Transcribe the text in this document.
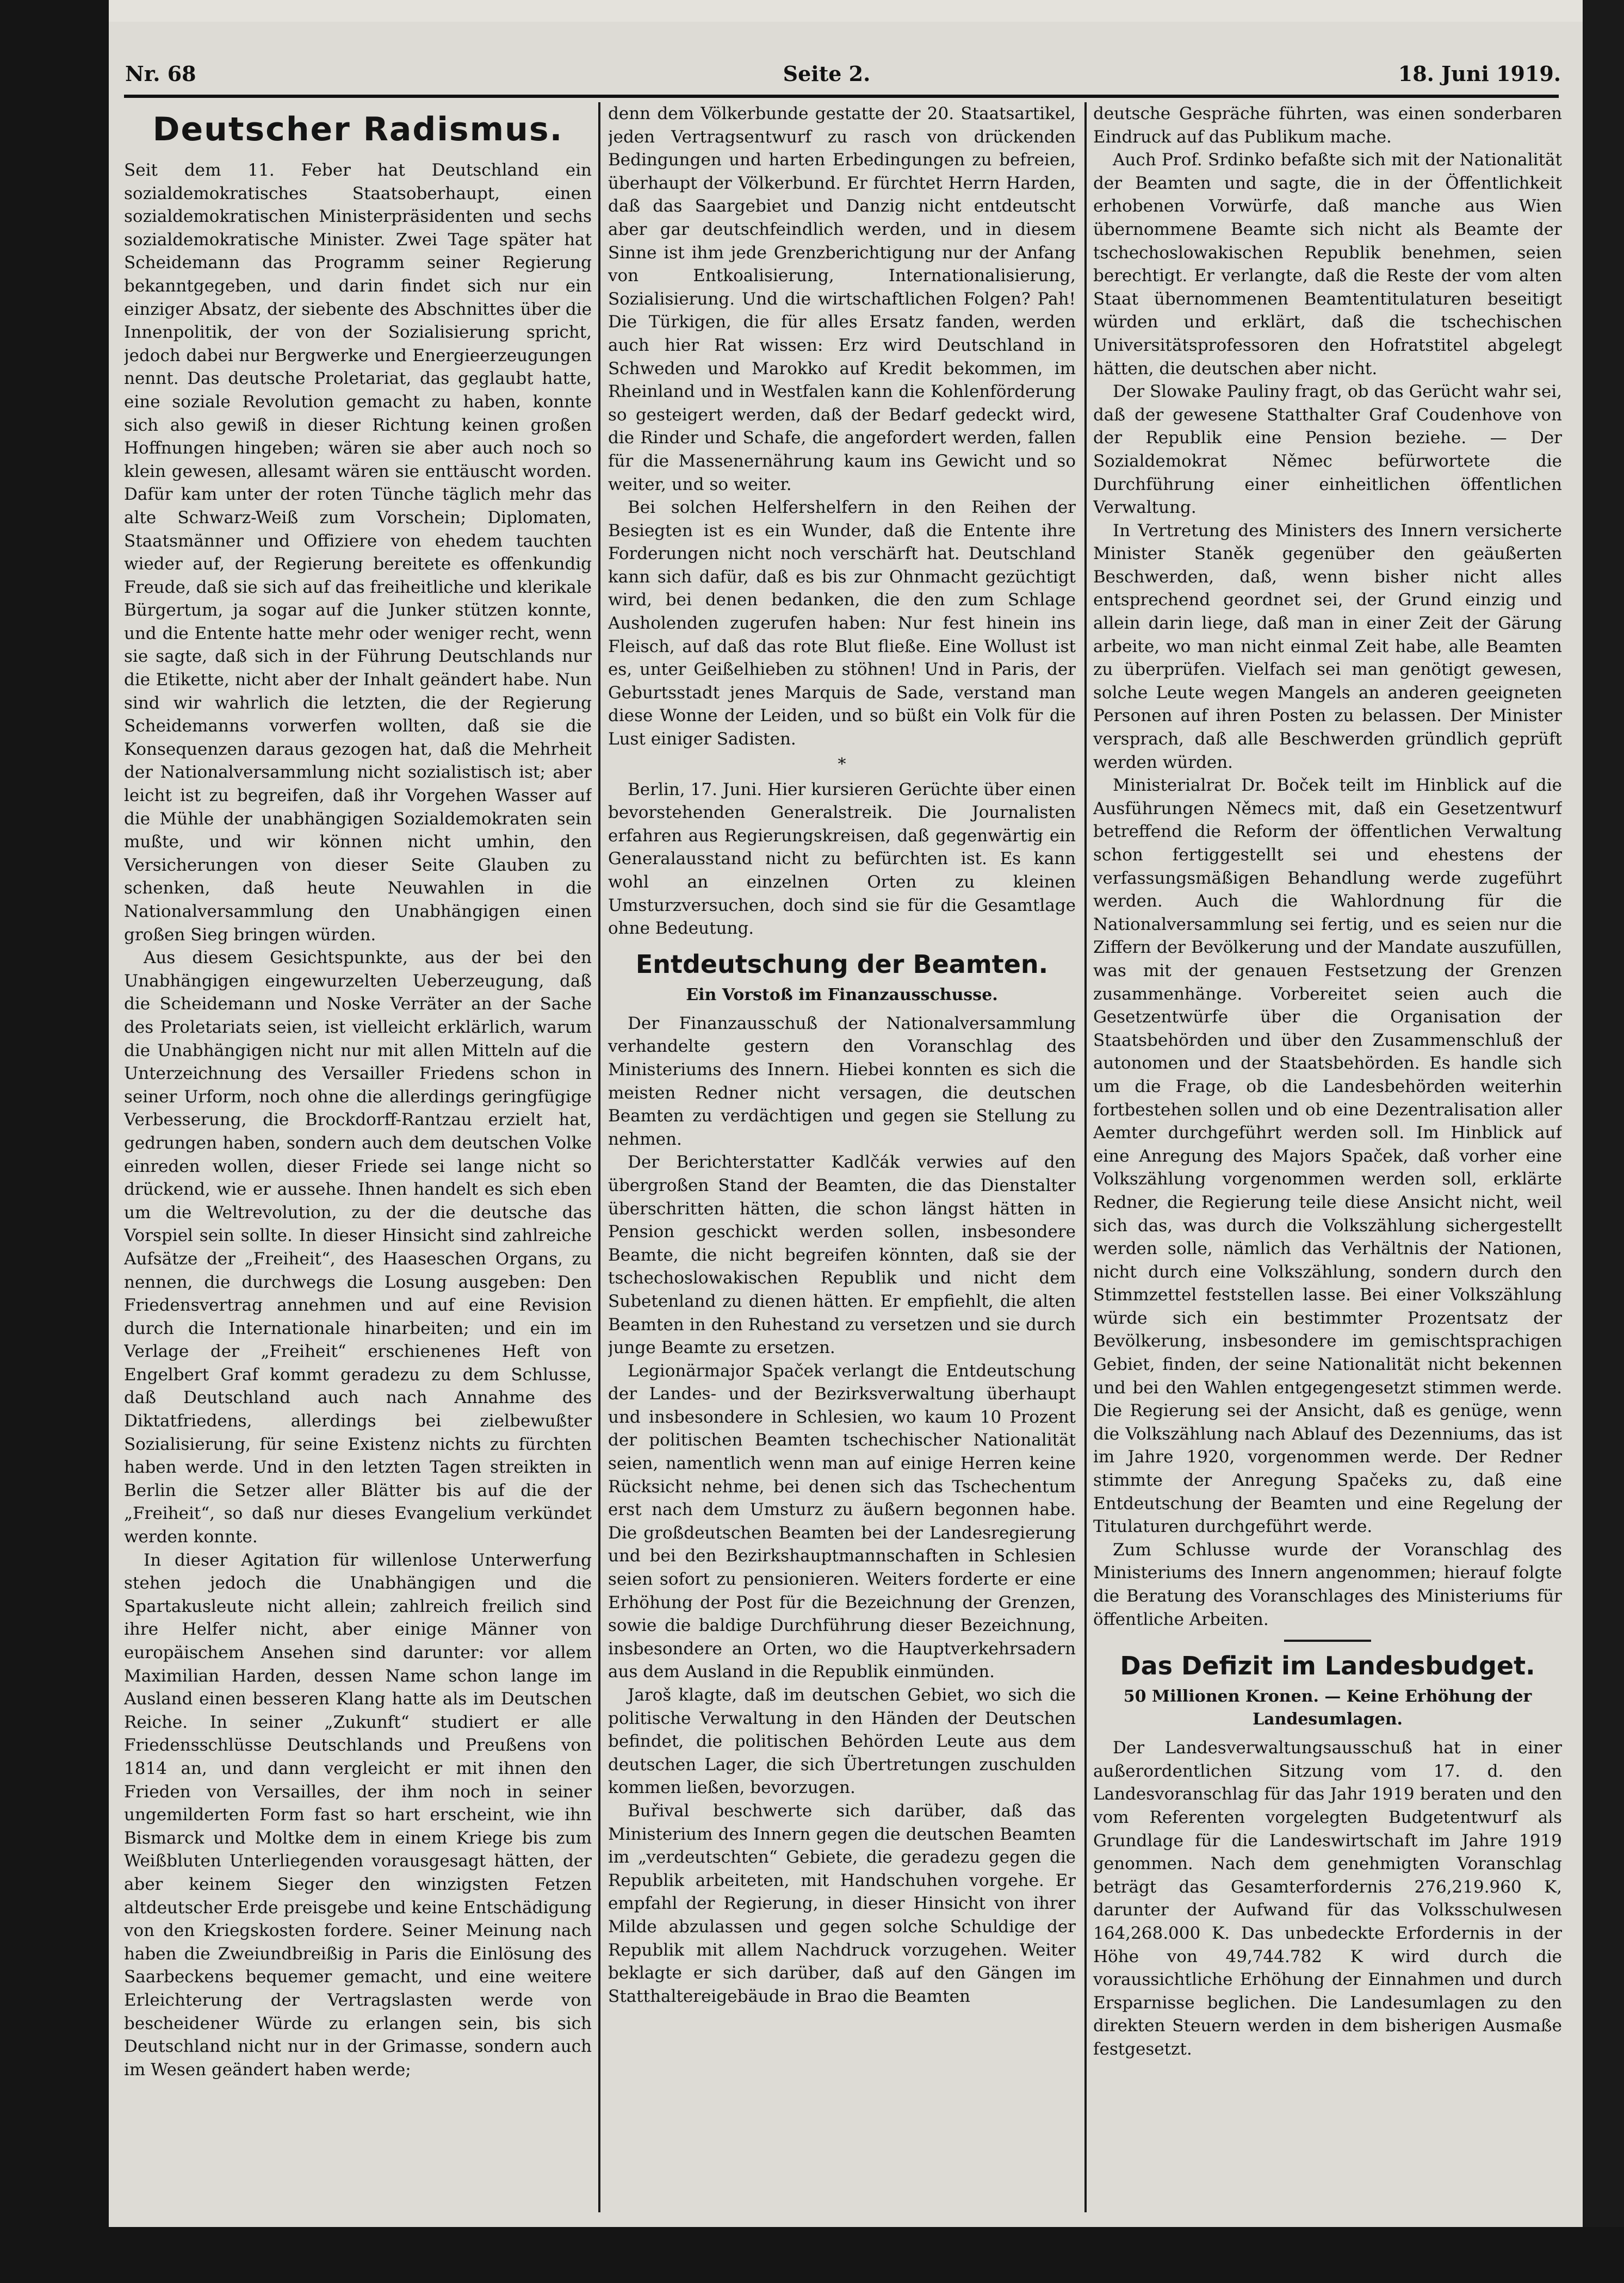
Nr. 68	Seite 2.	18. Juni 1919.
Deutscher Radismus.

Seit dem 11. Feber hat Deutschland ein sozialdemokratisches Staatsoberhaupt, einen sozialdemokratischen Ministerpräsidenten und sechs sozialdemokratische Minister. Zwei Tage später hat Scheidemann das Programm seiner Regierung bekanntgegeben, und darin findet sich nur ein einziger Absatz, der siebente des Abschnittes über die Innenpolitik, der von der Sozialisierung spricht, jedoch dabei nur Bergwerke und Energieerzeugungen nennt. Das deutsche Proletariat, das geglaubt hatte, eine soziale Revolution gemacht zu haben, konnte sich also gewiß in dieser Richtung keinen großen Hoffnungen hingeben; wären sie aber auch noch so klein gewesen, allesamt wären sie enttäuscht worden. Dafür kam unter der roten Tünche täglich mehr das alte Schwarz-Weiß zum Vorschein; Diplomaten, Staatsmänner und Offiziere von ehedem tauchten wieder auf, der Regierung bereitete es offenkundig Freude, daß sie sich auf das freiheitliche und klerikale Bürgertum, ja sogar auf die Junker stützen konnte, und die Entente hatte mehr oder weniger recht, wenn sie sagte, daß sich in der Führung Deutschlands nur die Etikette, nicht aber der Inhalt geändert habe. Nun sind wir wahrlich die letzten, die der Regierung Scheidemanns vorwerfen wollten, daß sie die Konsequenzen daraus gezogen hat, daß die Mehrheit der Nationalversammlung nicht sozialistisch ist; aber leicht ist zu begreifen, daß ihr Vorgehen Wasser auf die Mühle der unabhängigen Sozialdemokraten sein mußte, und wir können nicht umhin, den Versicherungen von dieser Seite Glauben zu schenken, daß heute Neuwahlen in die Nationalversammlung den Unabhängigen einen großen Sieg bringen würden.

Aus diesem Gesichtspunkte, aus der bei den Unabhängigen eingewurzelten Ueberzeugung, daß die Scheidemann und Noske Verräter an der Sache des Proletariats seien, ist vielleicht erklärlich, warum die Unabhängigen nicht nur mit allen Mitteln auf die Unterzeichnung des Versailler Friedens schon in seiner Urform, noch ohne die allerdings geringfügige Verbesserung, die Brockdorff-Rantzau erzielt hat, gedrungen haben, sondern auch dem deutschen Volke einreden wollen, dieser Friede sei lange nicht so drückend, wie er aussehe. Ihnen handelt es sich eben um die Weltrevolution, zu der die deutsche das Vorspiel sein sollte. In dieser Hinsicht sind zahlreiche Aufsätze der „Freiheit“, des Haaseschen Organs, zu nennen, die durchwegs die Losung ausgeben: Den Friedensvertrag annehmen und auf eine Revision durch die Internationale hinarbeiten; und ein im Verlage der „Freiheit“ erschienenes Heft von Engelbert Graf kommt geradezu zu dem Schlusse, daß Deutschland auch nach Annahme des Diktatfriedens, allerdings bei zielbewußter Sozialisierung, für seine Existenz nichts zu fürchten haben werde. Und in den letzten Tagen streikten in Berlin die Setzer aller Blätter bis auf die der „Freiheit“, so daß nur dieses Evangelium verkündet werden konnte.

In dieser Agitation für willenlose Unterwerfung stehen jedoch die Unabhängigen und die Spartakusleute nicht allein; zahlreich freilich sind ihre Helfer nicht, aber einige Männer von europäischem Ansehen sind darunter: vor allem Maximilian Harden, dessen Name schon lange im Ausland einen besseren Klang hatte als im Deutschen Reiche. In seiner „Zukunft“ studiert er alle Friedensschlüsse Deutschlands und Preußens von 1814 an, und dann vergleicht er mit ihnen den Frieden von Versailles, der ihm noch in seiner ungemilderten Form fast so hart erscheint, wie ihn Bismarck und Moltke dem in einem Kriege bis zum Weißbluten Unterliegenden vorausgesagt hätten, der aber keinem Sieger den winzigsten Fetzen altdeutscher Erde preisgebe und keine Entschädigung von den Kriegskosten fordere. Seiner Meinung nach haben die Zweiundbreißig in Paris die Einlösung des Saarbeckens bequemer gemacht, und eine weitere Erleichterung der Vertragslasten werde von bescheidener Würde zu erlangen sein, bis sich Deutschland nicht nur in der Grimasse, sondern auch im Wesen geändert haben werde;

denn dem Völkerbunde gestatte der 20. Staatsartikel, jeden Vertragsentwurf zu rasch von drückenden Bedingungen und harten Erbedingungen zu befreien, überhaupt der Völkerbund. Er fürchtet Herrn Harden, daß das Saargebiet und Danzig nicht entdeutscht aber gar deutschfeindlich werden, und in diesem Sinne ist ihm jede Grenzberichtigung nur der Anfang von Entkoalisierung, Internationalisierung, Sozialisierung. Und die wirtschaftlichen Folgen? Pah! Die Türkigen, die für alles Ersatz fanden, werden auch hier Rat wissen: Erz wird Deutschland in Schweden und Marokko auf Kredit bekommen, im Rheinland und in Westfalen kann die Kohlenförderung so gesteigert werden, daß der Bedarf gedeckt wird, die Rinder und Schafe, die angefordert werden, fallen für die Massenernährung kaum ins Gewicht und so weiter, und so weiter.

Bei solchen Helfershelfern in den Reihen der Besiegten ist es ein Wunder, daß die Entente ihre Forderungen nicht noch verschärft hat. Deutschland kann sich dafür, daß es bis zur Ohnmacht gezüchtigt wird, bei denen bedanken, die den zum Schlage Ausholenden zugerufen haben: Nur fest hinein ins Fleisch, auf daß das rote Blut fließe. Eine Wollust ist es, unter Geißelhieben zu stöhnen! Und in Paris, der Geburtsstadt jenes Marquis de Sade, verstand man diese Wonne der Leiden, und so büßt ein Volk für die Lust einiger Sadisten.

*

Berlin, 17. Juni. Hier kursieren Gerüchte über einen bevorstehenden Generalstreik. Die Journalisten erfahren aus Regierungskreisen, daß gegenwärtig ein Generalausstand nicht zu befürchten ist. Es kann wohl an einzelnen Orten zu kleinen Umsturzversuchen, doch sind sie für die Gesamtlage ohne Bedeutung.

Entdeutschung der Beamten.
Ein Vorstoß im Finanzausschusse.

Der Finanzausschuß der Nationalversammlung verhandelte gestern den Voranschlag des Ministeriums des Innern. Hiebei konnten es sich die meisten Redner nicht versagen, die deutschen Beamten zu verdächtigen und gegen sie Stellung zu nehmen.

Der Berichterstatter Kadlčák verwies auf den übergroßen Stand der Beamten, die das Dienstalter überschritten hätten, die schon längst hätten in Pension geschickt werden sollen, insbesondere Beamte, die nicht begreifen könnten, daß sie der tschechoslowakischen Republik und nicht dem Subetenland zu dienen hätten. Er empfiehlt, die alten Beamten in den Ruhestand zu versetzen und sie durch junge Beamte zu ersetzen.

Legionärmajor Spaček verlangt die Entdeutschung der Landes- und der Bezirksverwaltung überhaupt und insbesondere in Schlesien, wo kaum 10 Prozent der politischen Beamten tschechischer Nationalität seien, namentlich wenn man auf einige Herren keine Rücksicht nehme, bei denen sich das Tschechentum erst nach dem Umsturz zu äußern begonnen habe. Die großdeutschen Beamten bei der Landesregierung und bei den Bezirkshauptmannschaften in Schlesien seien sofort zu pensionieren. Weiters forderte er eine Erhöhung der Post für die Bezeichnung der Grenzen, sowie die baldige Durchführung dieser Bezeichnung, insbesondere an Orten, wo die Hauptverkehrsadern aus dem Ausland in die Republik einmünden.

Jaroš klagte, daß im deutschen Gebiet, wo sich die politische Verwaltung in den Händen der Deutschen befindet, die politischen Behörden Leute aus dem deutschen Lager, die sich Übertretungen zuschulden kommen ließen, bevorzugen.

Buřival beschwerte sich darüber, daß das Ministerium des Innern gegen die deutschen Beamten im „verdeutschten“ Gebiete, die geradezu gegen die Republik arbeiteten, mit Handschuhen vorgehe. Er empfahl der Regierung, in dieser Hinsicht von ihrer Milde abzulassen und gegen solche Schuldige der Republik mit allem Nachdruck vorzugehen. Weiter beklagte er sich darüber, daß auf den Gängen im Statthaltereigebäude in Brao die Beamten

deutsche Gespräche führten, was einen sonderbaren Eindruck auf das Publikum mache.

Auch Prof. Srdinko befaßte sich mit der Nationalität der Beamten und sagte, die in der Öffentlichkeit erhobenen Vorwürfe, daß manche aus Wien übernommene Beamte sich nicht als Beamte der tschechoslowakischen Republik benehmen, seien berechtigt. Er verlangte, daß die Reste der vom alten Staat übernommenen Beamtentitulaturen beseitigt würden und erklärt, daß die tschechischen Universitätsprofessoren den Hofratstitel abgelegt hätten, die deutschen aber nicht.

Der Slowake Pauliny fragt, ob das Gerücht wahr sei, daß der gewesene Statthalter Graf Coudenhove von der Republik eine Pension beziehe. — Der Sozialdemokrat Němec befürwortete die Durchführung einer einheitlichen öffentlichen Verwaltung.

In Vertretung des Ministers des Innern versicherte Minister Staněk gegenüber den geäußerten Beschwerden, daß, wenn bisher nicht alles entsprechend geordnet sei, der Grund einzig und allein darin liege, daß man in einer Zeit der Gärung arbeite, wo man nicht einmal Zeit habe, alle Beamten zu überprüfen. Vielfach sei man genötigt gewesen, solche Leute wegen Mangels an anderen geeigneten Personen auf ihren Posten zu belassen. Der Minister versprach, daß alle Beschwerden gründlich geprüft werden würden.

Ministerialrat Dr. Boček teilt im Hinblick auf die Ausführungen Němecs mit, daß ein Gesetzentwurf betreffend die Reform der öffentlichen Verwaltung schon fertiggestellt sei und ehestens der verfassungsmäßigen Behandlung werde zugeführt werden. Auch die Wahlordnung für die Nationalversammlung sei fertig, und es seien nur die Ziffern der Bevölkerung und der Mandate auszufüllen, was mit der genauen Festsetzung der Grenzen zusammenhänge. Vorbereitet seien auch die Gesetzentwürfe über die Organisation der Staatsbehörden und über den Zusammenschluß der autonomen und der Staatsbehörden. Es handle sich um die Frage, ob die Landesbehörden weiterhin fortbestehen sollen und ob eine Dezentralisation aller Aemter durchgeführt werden soll. Im Hinblick auf eine Anregung des Majors Spaček, daß vorher eine Volkszählung vorgenommen werden soll, erklärte Redner, die Regierung teile diese Ansicht nicht, weil sich das, was durch die Volkszählung sichergestellt werden solle, nämlich das Verhältnis der Nationen, nicht durch eine Volkszählung, sondern durch den Stimmzettel feststellen lasse. Bei einer Volkszählung würde sich ein bestimmter Prozentsatz der Bevölkerung, insbesondere im gemischtsprachigen Gebiet, finden, der seine Nationalität nicht bekennen und bei den Wahlen entgegengesetzt stimmen werde. Die Regierung sei der Ansicht, daß es genüge, wenn die Volkszählung nach Ablauf des Dezenniums, das ist im Jahre 1920, vorgenommen werde. Der Redner stimmte der Anregung Spačeks zu, daß eine Entdeutschung der Beamten und eine Regelung der Titulaturen durchgeführt werde.

Zum Schlusse wurde der Voranschlag des Ministeriums des Innern angenommen; hierauf folgte die Beratung des Voranschlages des Ministeriums für öffentliche Arbeiten.

Das Defizit im Landesbudget.
50 Millionen Kronen. — Keine Erhöhung der Landesumlagen.

Der Landesverwaltungsausschuß hat in einer außerordentlichen Sitzung vom 17. d. den Landesvoranschlag für das Jahr 1919 beraten und den vom Referenten vorgelegten Budgetentwurf als Grundlage für die Landeswirtschaft im Jahre 1919 genommen. Nach dem genehmigten Voranschlag beträgt das Gesamterfordernis 276,219.960 K, darunter der Aufwand für das Volksschulwesen 164,268.000 K. Das unbedeckte Erfordernis in der Höhe von 49,744.782 K wird durch die voraussichtliche Erhöhung der Einnahmen und durch Ersparnisse beglichen. Die Landesumlagen zu den direkten Steuern werden in dem bisherigen Ausmaße festgesetzt.
